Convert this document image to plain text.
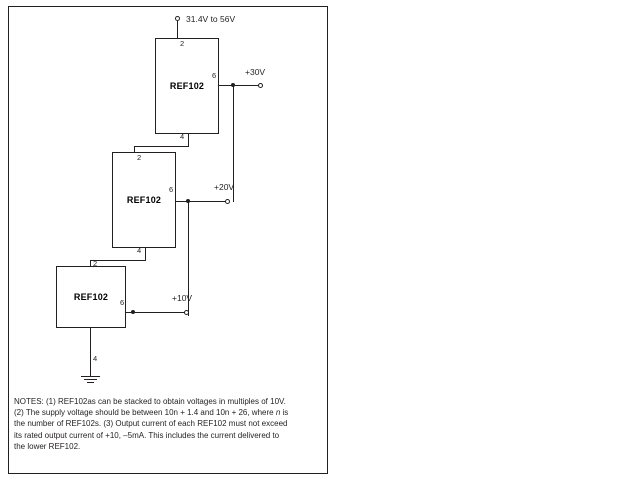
31.4V to 56V
REF102
2
6
4
+30V
REF102
2
6
4
+20V
REF102
2
6
4
+10V
NOTES: (1) REF102as can be stacked to obtain voltages in multiples of 10V.
(2) The supply voltage should be between 10n + 1.4 and 10n + 26, where n is
the number of REF102s. (3) Output current of each REF102 must not exceed
its rated output current of +10, –5mA. This includes the current delivered to
the lower REF102.
